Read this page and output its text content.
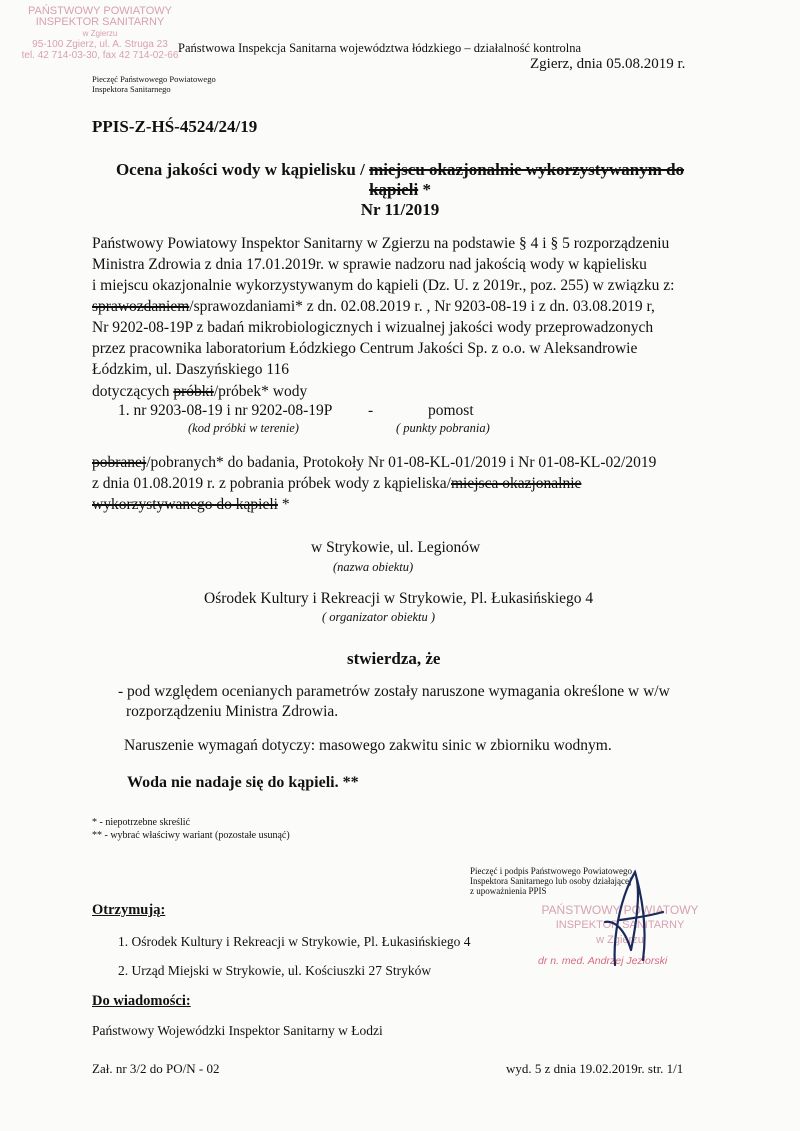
PAŃSTWOWY POWIATOWY
INSPEKTOR SANITARNY
w Zgierzu
95-100 Zgierz, ul. A. Struga 23
tel. 42 714-03-30, fax 42 714-02-66
Pieczęć Państwowego Powiatowego
Inspektora Sanitarnego
Państwowa Inspekcja Sanitarna województwa łódzkiego – działalność kontrolna
Zgierz, dnia 05.08.2019 r.
PPIS-Z-HŚ-4524/24/19
Ocena jakości wody w kąpielisku / miejscu okazjonalnie wykorzystywanym do
kąpieli *
Nr 11/2019
Państwowy Powiatowy Inspektor Sanitarny w Zgierzu na podstawie § 4 i § 5 rozporządzeniu
Ministra Zdrowia z dnia 17.01.2019r. w sprawie nadzoru nad jakością wody w kąpielisku
i miejscu okazjonalnie wykorzystywanym do kąpieli (Dz. U. z 2019r., poz. 255) w związku z:
sprawozdaniem/sprawozdaniami* z dn. 02.08.2019 r. , Nr 9203-08-19 i z dn. 03.08.2019 r,
Nr 9202-08-19P z badań mikrobiologicznych i wizualnej jakości wody przeprowadzonych
przez pracownika laboratorium Łódzkiego Centrum Jakości Sp. z o.o. w Aleksandrowie
Łódzkim, ul. Daszyńskiego 116
dotyczących próbki/próbek* wody
1. nr 9203-08-19 i nr 9202-08-19P -	pomost
(kod próbki w terenie)	( punkty pobrania)
pobranej/pobranych* do badania, Protokoły Nr 01-08-KL-01/2019 i Nr 01-08-KL-02/2019
z dnia 01.08.2019 r. z pobrania próbek wody z kąpieliska/miejsca okazjonalnie
wykorzystywanego do kąpieli *
w Strykowie, ul. Legionów
(nazwa obiektu)
Ośrodek Kultury i Rekreacji w Strykowie, Pl. Łukasińskiego 4
( organizator obiektu )
stwierdza, że
- pod względem ocenianych parametrów zostały naruszone wymagania określone w w/w
rozporządzeniu Ministra Zdrowia.
Naruszenie wymagań dotyczy: masowego zakwitu sinic w zbiorniku wodnym.
Woda nie nadaje się do kąpieli. **
* - niepotrzebne skreślić
** - wybrać właściwy wariant (pozostałe usunąć)
Pieczęć i podpis Państwowego Powiatowego
Inspektora Sanitarnego lub osoby działającej
z upoważnienia PPIS
PAŃSTWOWY POWIATOWY
INSPEKTOR SANITARNY
w Zgierzu
dr n. med. Andrzej Jeziorski
Otrzymują:
1. Ośrodek Kultury i Rekreacji w Strykowie, Pl. Łukasińskiego 4
2. Urząd Miejski w Strykowie, ul. Kościuszki 27 Stryków
Do wiadomości:
Państwowy Wojewódzki Inspektor Sanitarny w Łodzi
Zał. nr 3/2 do PO/N - 02	wyd. 5 z dnia 19.02.2019r. str. 1/1
